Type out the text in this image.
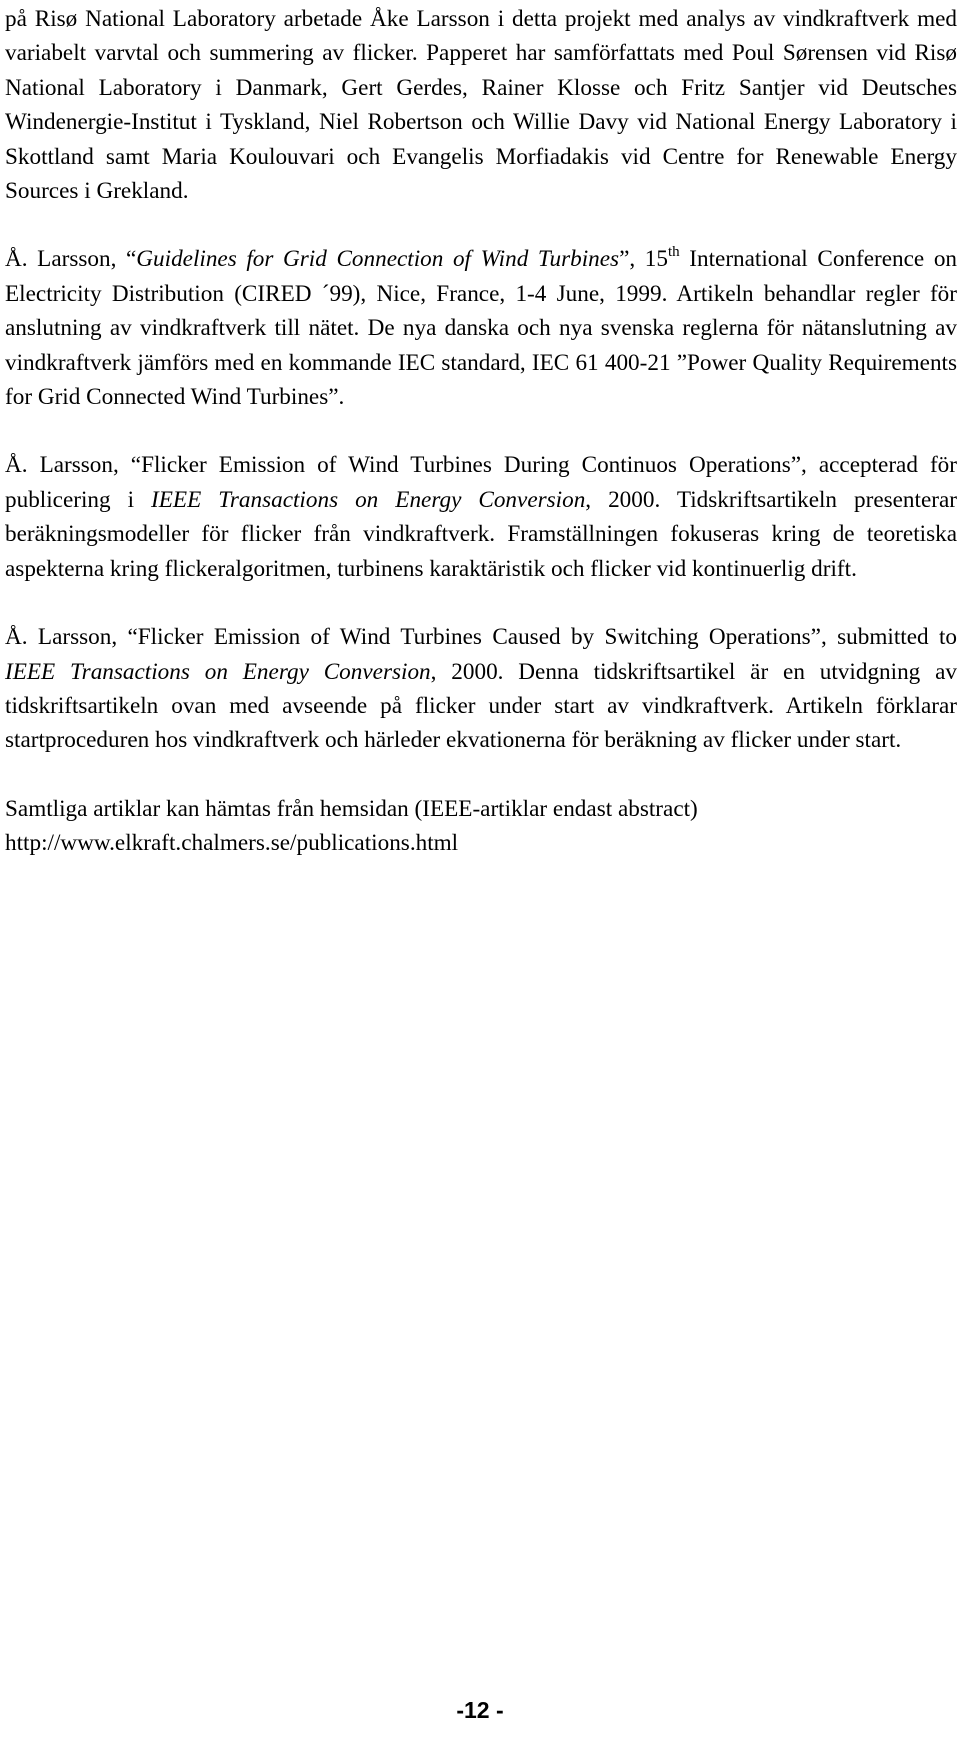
på Risø National Laboratory arbetade Åke Larsson i detta projekt med analys av vindkraftverk med variabelt varvtal och summering av flicker. Papperet har samförfattats med Poul Sørensen vid Risø National Laboratory i Danmark, Gert Gerdes, Rainer Klosse och Fritz Santjer vid Deutsches Windenergie-Institut i Tyskland, Niel Robertson och Willie Davy vid National Energy Laboratory i Skottland samt Maria Koulouvari och Evangelis Morfiadakis vid Centre for Renewable Energy Sources i Grekland.

Å. Larsson, “Guidelines for Grid Connection of Wind Turbines”, 15th International Conference on Electricity Distribution (CIRED ´99), Nice, France, 1-4 June, 1999. Artikeln behandlar regler för anslutning av vindkraftverk till nätet. De nya danska och nya svenska reglerna för nätanslutning av vindkraftverk jämförs med en kommande IEC standard, IEC 61 400-21 ”Power Quality Requirements for Grid Connected Wind Turbines”.

Å. Larsson, “Flicker Emission of Wind Turbines During Continuos Operations”, accepterad för publicering i IEEE Transactions on Energy Conversion, 2000. Tidskriftsartikeln presenterar beräkningsmodeller för flicker från vindkraftverk. Framställningen fokuseras kring de teoretiska aspekterna kring flickeralgoritmen, turbinens karaktäristik och flicker vid kontinuerlig drift.

Å. Larsson, “Flicker Emission of Wind Turbines Caused by Switching Operations”, submitted to IEEE Transactions on Energy Conversion, 2000. Denna tidskriftsartikel är en utvidgning av tidskriftsartikeln ovan med avseende på flicker under start av vindkraftverk. Artikeln förklarar startproceduren hos vindkraftverk och härleder ekvationerna för beräkning av flicker under start.

Samtliga artiklar kan hämtas från hemsidan (IEEE-artiklar endast abstract) http://www.elkraft.chalmers.se/publications.html

-12 -
